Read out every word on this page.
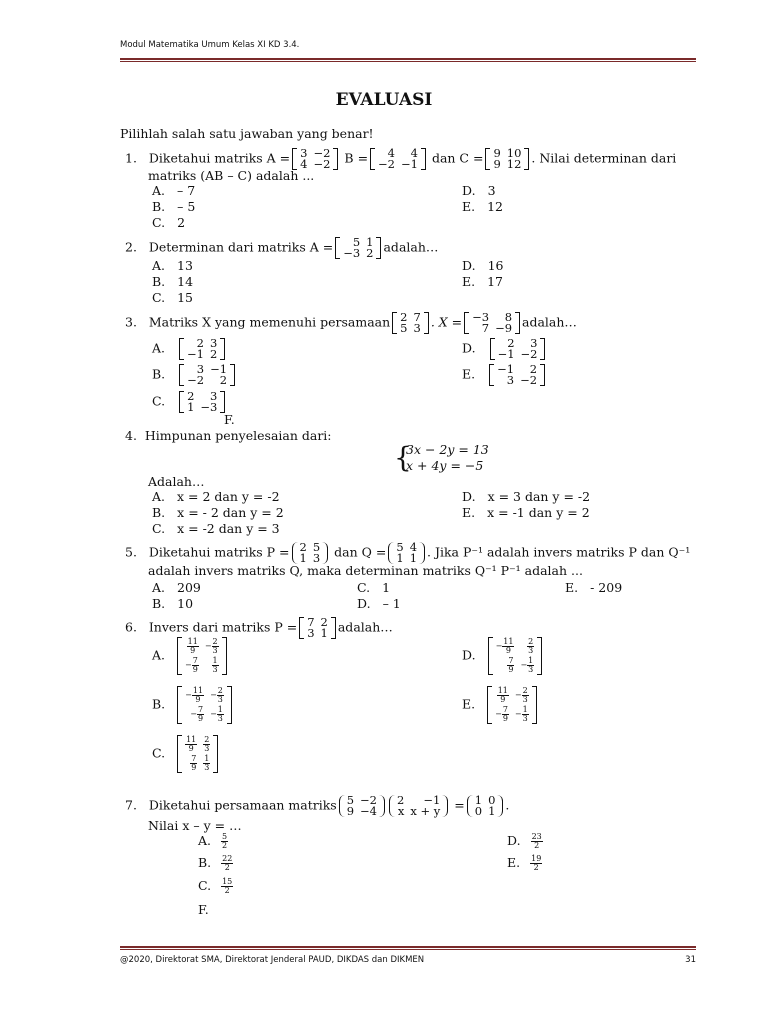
Modul Matematika Umum Kelas XI KD 3.4.
EVALUASI
Pilihlah salah satu jawaban yang benar!
1. Diketahui matriks A = 3	−2
4	−2 B = 4	4
−2	−1 dan C = 9	10
9	12 . Nilai determinan dari
matriks (AB – C) adalah ...
A. – 7
B. – 5
C. 2
D. 3
E. 12
2. Determinan dari matriks A = 5	1
−3	2 adalah…
A. 13
B. 14
C. 15
D. 16
E. 17
3. Matriks X yang memenuhi persamaan 2	7
5	3 . X = −3	8
7	−9 adalah…
A.	2	3
−1	2
B.	3	−1
−2	2
C. 2	3
1	−3
D.	2	3
−1	−2
E. −1	2
3	−2
F.
4. Himpunan penyelesaian dari:
{
3x − 2y = 13
x + 4y = −5
Adalah…
A. x = 2 dan y = -2
B. x = - 2 dan y = 2
C. x = -2 dan y = 3
D. x = 3 dan y = -2
E. x = -1 dan y = 2
5. Diketahui matriks P = 2	5
1	3 dan Q = 5	4
1	1 . Jika P⁻¹ adalah invers matriks P dan Q⁻¹
adalah invers matriks Q, maka determinan matriks Q⁻¹ P⁻¹ adalah ...
A. 209
B. 10
C. 1
D. – 1
E. - 209
6. Invers dari matriks P = 7	2
3	1 adalah…
A.	$\frac{11}{9}$	− $\frac{2}{3}$

− $\frac{7}{9}$	$\frac{1}{3}$
B.
− $\frac{11}{9}$	− $\frac{2}{3}$

− $\frac{7}{9}$	− $\frac{1}{3}$
C.	$\frac{11}{9}$	$\frac{2}{3}$

$\frac{7}{9}$	$\frac{1}{3}$
D.
− $\frac{11}{9}$	$\frac{2}{3}$

$\frac{7}{9}$	− $\frac{1}{3}$
E.	$\frac{11}{9}$	− $\frac{2}{3}$

− $\frac{7}{9}$	− $\frac{1}{3}$
7. Diketahui persamaan matriks 5	−2
9	−4
2	−1
x	x + y = 1	0
0	1 .
Nilai x – y = …
A. $\frac{5}{2}$
B. $\frac{22}{2}$
C. $\frac{15}{2}$
D. $\frac{23}{2}$
E. $\frac{19}{2}$
F.
@2020, Direktorat SMA, Direktorat Jenderal PAUD, DIKDAS dan DIKMEN	31
